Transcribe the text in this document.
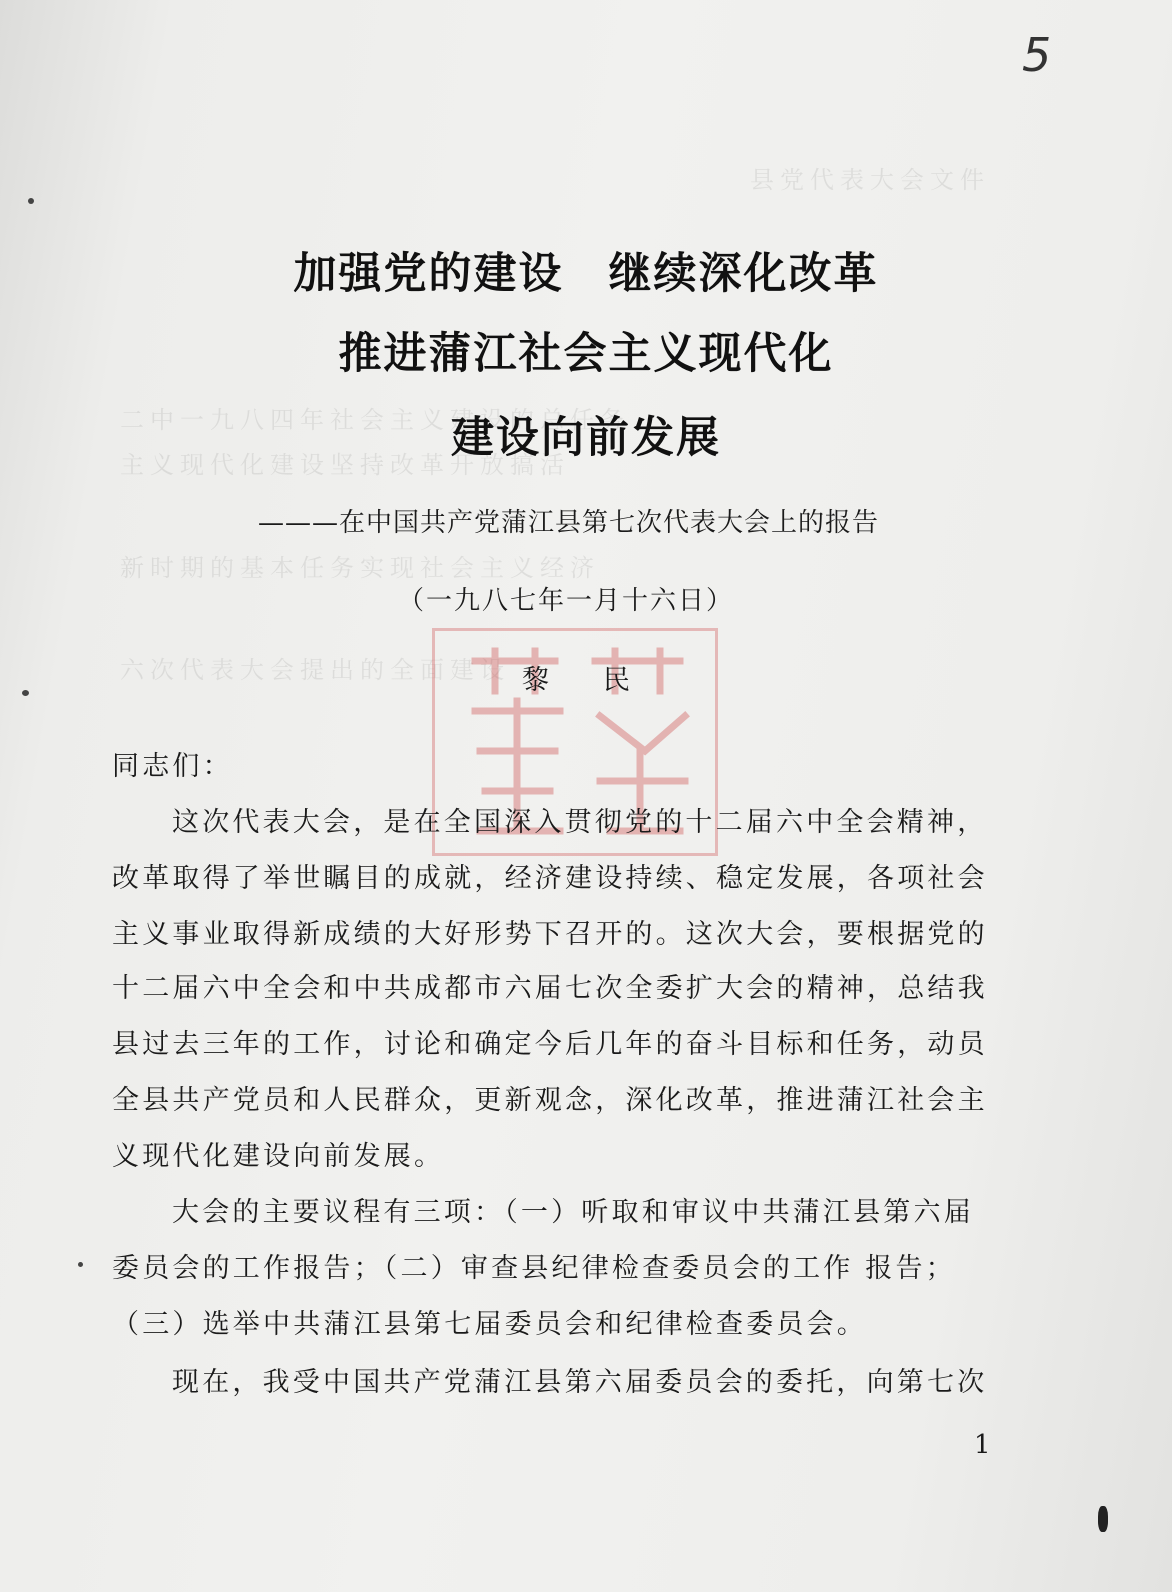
县党代表大会文件
二中一九八四年社会主义建设的总任务
主义现代化建设坚持改革开放搞活
新时期的基本任务实现社会主义经济
六次代表大会提出的全面建设
5
加强党的建设　继续深化改革
推进蒲江社会主义现代化
建设向前发展
———在中国共产党蒲江县第七次代表大会上的报告
（一九八七年一月十六日）
黎民
同志们：
这次代表大会，是在全国深入贯彻党的十二届六中全会精神，
改革取得了举世瞩目的成就，经济建设持续、稳定发展，各项社会
主义事业取得新成绩的大好形势下召开的。这次大会，要根据党的
十二届六中全会和中共成都市六届七次全委扩大会的精神，总结我
县过去三年的工作，讨论和确定今后几年的奋斗目标和任务，动员
全县共产党员和人民群众，更新观念，深化改革，推进蒲江社会主
义现代化建设向前发展。
大会的主要议程有三项：（一）听取和审议中共蒲江县第六届
委员会的工作报告；（二）审查县纪律检查委员会的工作 报告；
（三）选举中共蒲江县第七届委员会和纪律检查委员会。
现在，我受中国共产党蒲江县第六届委员会的委托，向第七次
1
